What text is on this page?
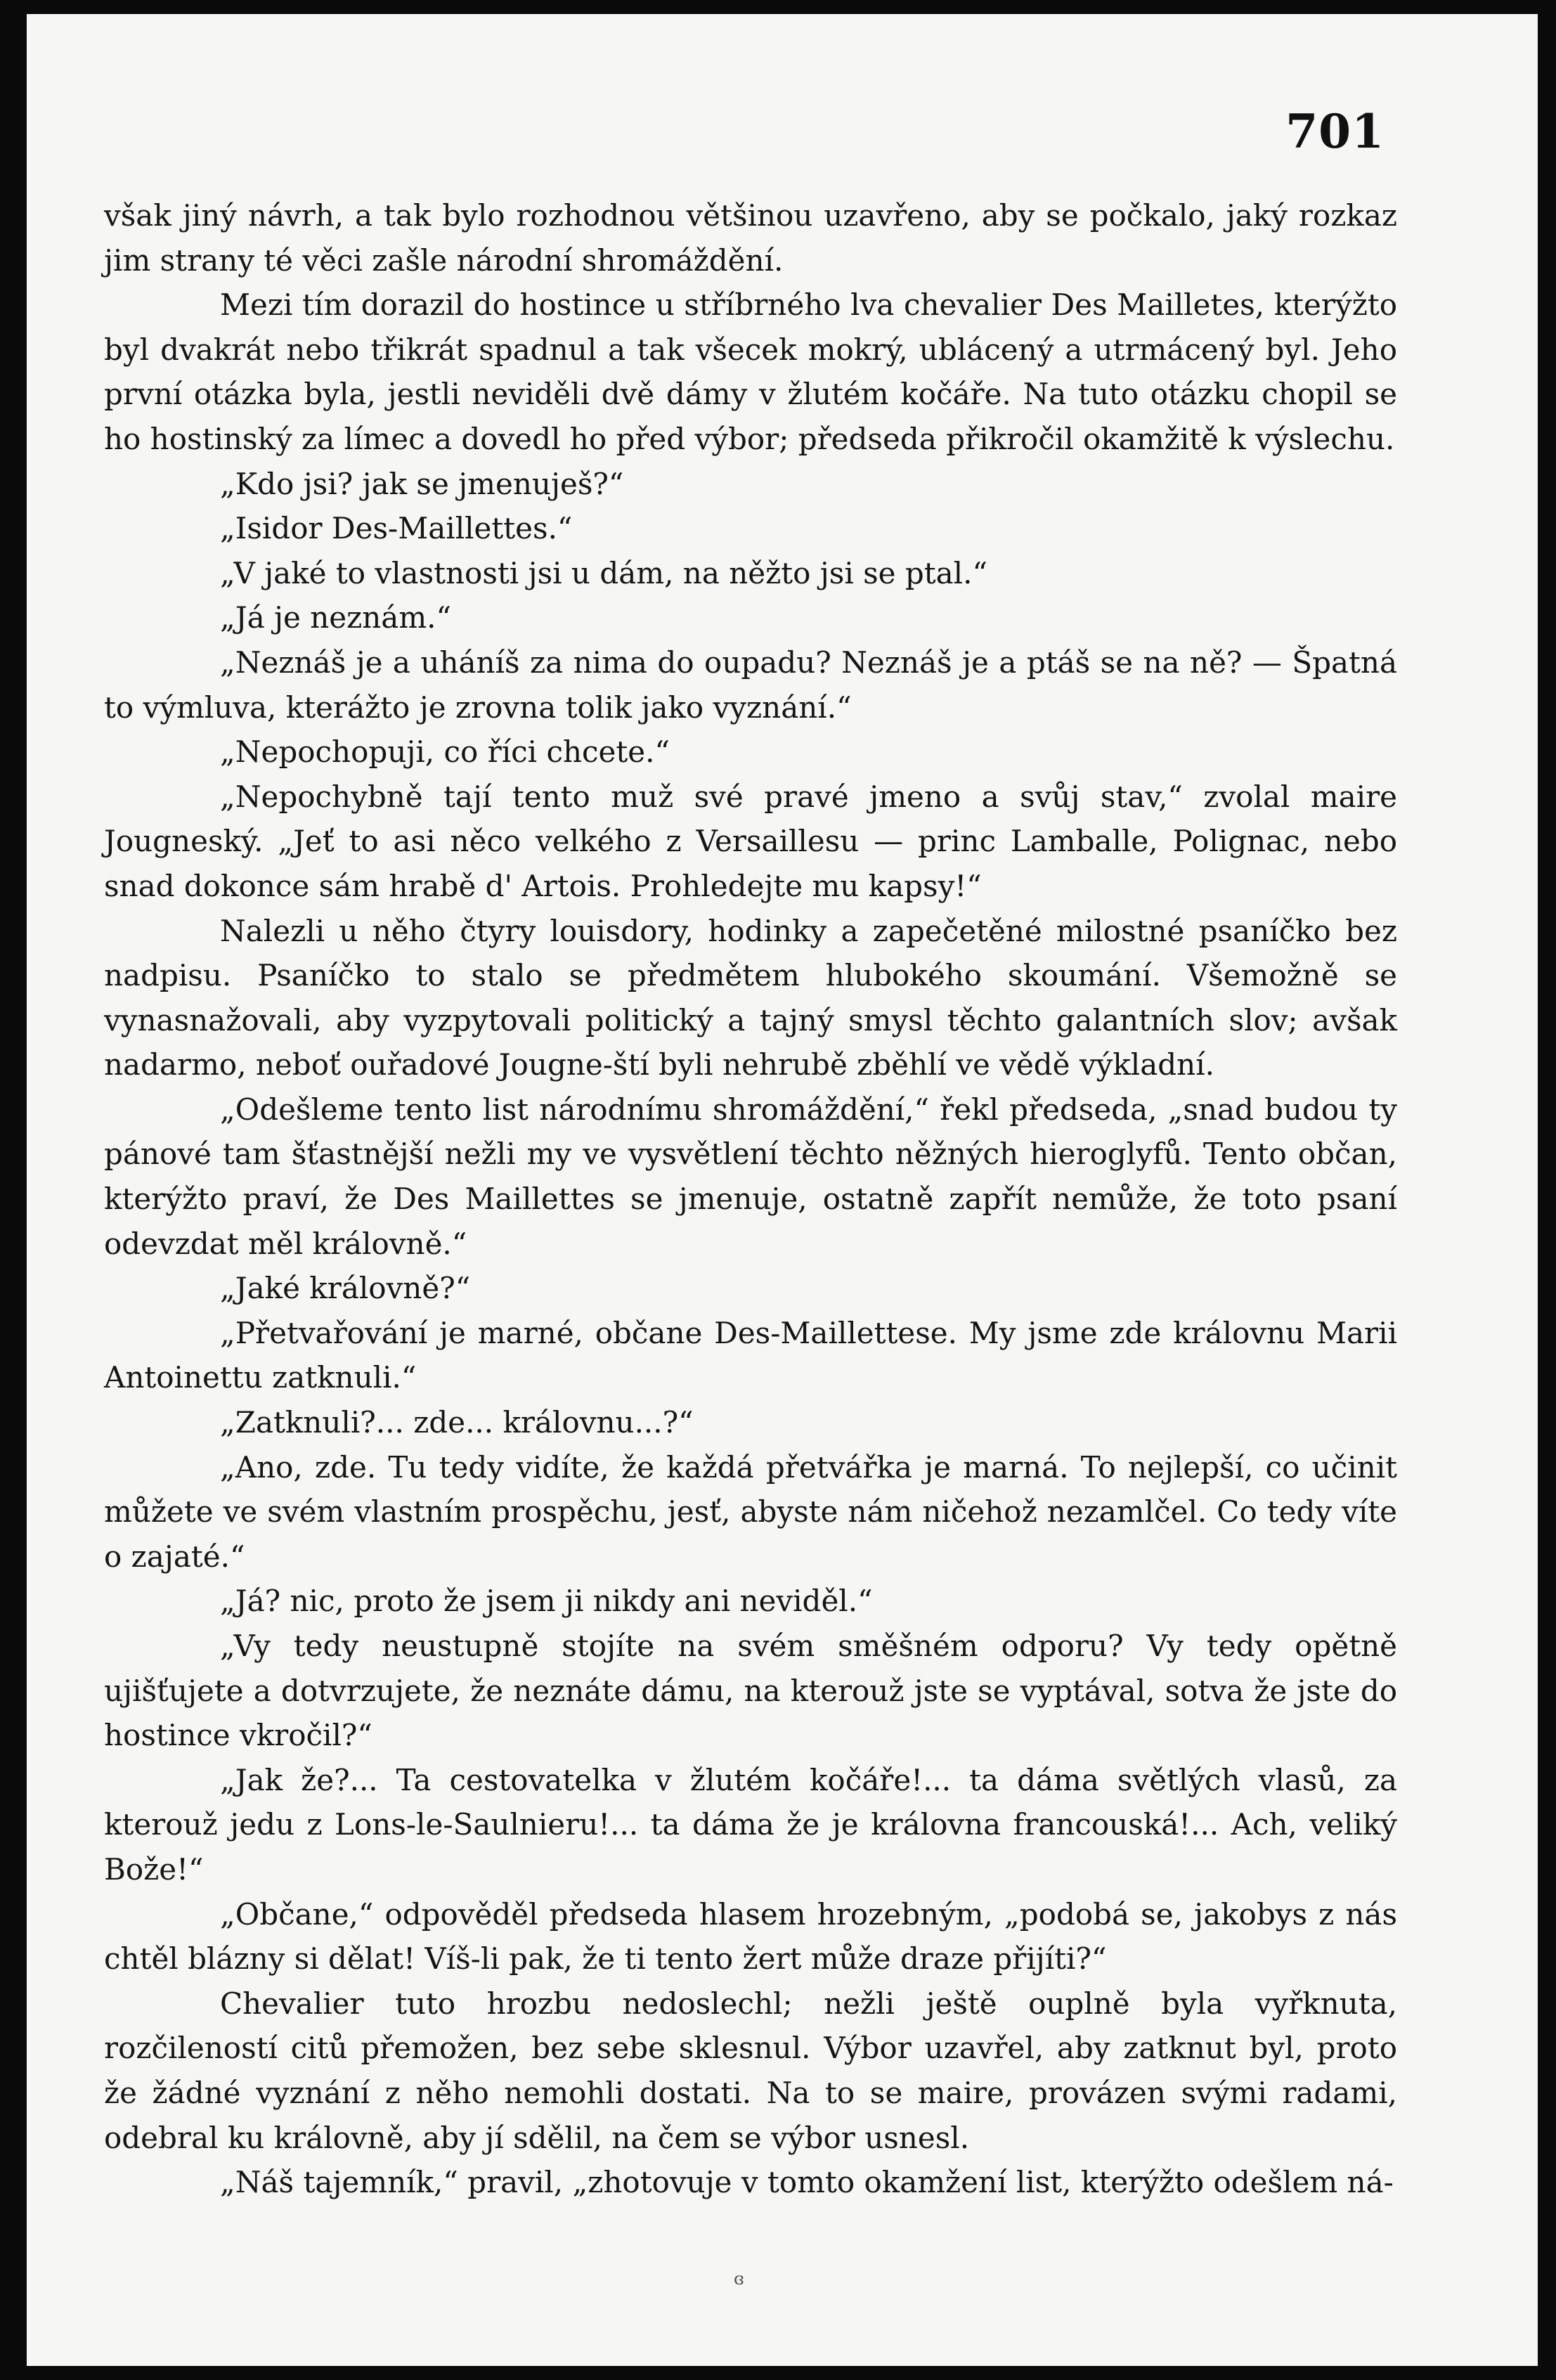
701

však jiný návrh, a tak bylo rozhodnou většinou uzavřeno, aby se počkalo, jaký rozkaz jim strany té věci zašle národní shromáždění.

Mezi tím dorazil do hostince u stříbrného lva chevalier Des Mailletes, kterýžto byl dvakrát nebo třikrát spadnul a tak všecek mokrý, ublácený a utrmácený byl. Jeho první otázka byla, jestli neviděli dvě dámy v žlutém kočáře. Na tuto otázku chopil se ho hostinský za límec a dovedl ho před výbor; předseda přikročil okamžitě k výslechu.

„Kdo jsi? jak se jmenuješ?“

„Isidor Des-Maillettes.“

„V jaké to vlastnosti jsi u dám, na něžto jsi se ptal.“

„Já je neznám.“

„Neznáš je a uháníš za nima do oupadu? Neznáš je a ptáš se na ně? — Špatná to výmluva, kterážto je zrovna tolik jako vyznání.“

„Nepochopuji, co říci chcete.“

„Nepochybně tají tento muž své pravé jmeno a svůj stav,“ zvolal maire Jougneský. „Jeť to asi něco velkého z Versaillesu — princ Lamballe, Polignac, nebo snad dokonce sám hrabě d' Artois. Prohledejte mu kapsy!“

Nalezli u něho čtyry louisdory, hodinky a zapečetěné milostné psaníčko bez nadpisu. Psaníčko to stalo se předmětem hlubokého skoumání. Všemožně se vynasnažovali, aby vyzpytovali politický a tajný smysl těchto galantních slov; avšak nadarmo, neboť ouřadové Jougne-ští byli nehrubě zběhlí ve vědě výkladní.

„Odešleme tento list národnímu shromáždění,“ řekl předseda, „snad budou ty pánové tam šťastnější nežli my ve vysvětlení těchto něžných hieroglyfů. Tento občan, kterýžto praví, že Des Maillettes se jmenuje, ostatně zapřít nemůže, že toto psaní odevzdat měl královně.“

„Jaké královně?“

„Přetvařování je marné, občane Des-Maillettese. My jsme zde královnu Marii Antoinettu zatknuli.“

„Zatknuli?... zde... královnu...?“

„Ano, zde. Tu tedy vidíte, že každá přetvářka je marná. To nejlepší, co učinit můžete ve svém vlastním prospěchu, jesť, abyste nám ničehož nezamlčel. Co tedy víte o zajaté.“

„Já? nic, proto že jsem ji nikdy ani neviděl.“

„Vy tedy neustupně stojíte na svém směšném odporu? Vy tedy opětně ujišťujete a dotvrzujete, že neznáte dámu, na kterouž jste se vyptával, sotva že jste do hostince vkročil?“

„Jak že?... Ta cestovatelka v žlutém kočáře!... ta dáma světlých vlasů, za kterouž jedu z Lons-le-Saulnieru!... ta dáma že je královna francouská!... Ach, veliký Bože!“

„Občane,“ odpověděl předseda hlasem hrozebným, „podobá se, jakobys z nás chtěl blázny si dělat! Víš-li pak, že ti tento žert může draze přijíti?“

Chevalier tuto hrozbu nedoslechl; nežli ještě ouplně byla vyřknuta, rozčileností citů přemožen, bez sebe sklesnul. Výbor uzavřel, aby zatknut byl, proto že žádné vyznání z něho nemohli dostati. Na to se maire, provázen svými radami, odebral ku královně, aby jí sdělil, na čem se výbor usnesl.

„Náš tajemník,“ pravil, „zhotovuje v tomto okamžení list, kterýžto odešlem ná-

ɞ
